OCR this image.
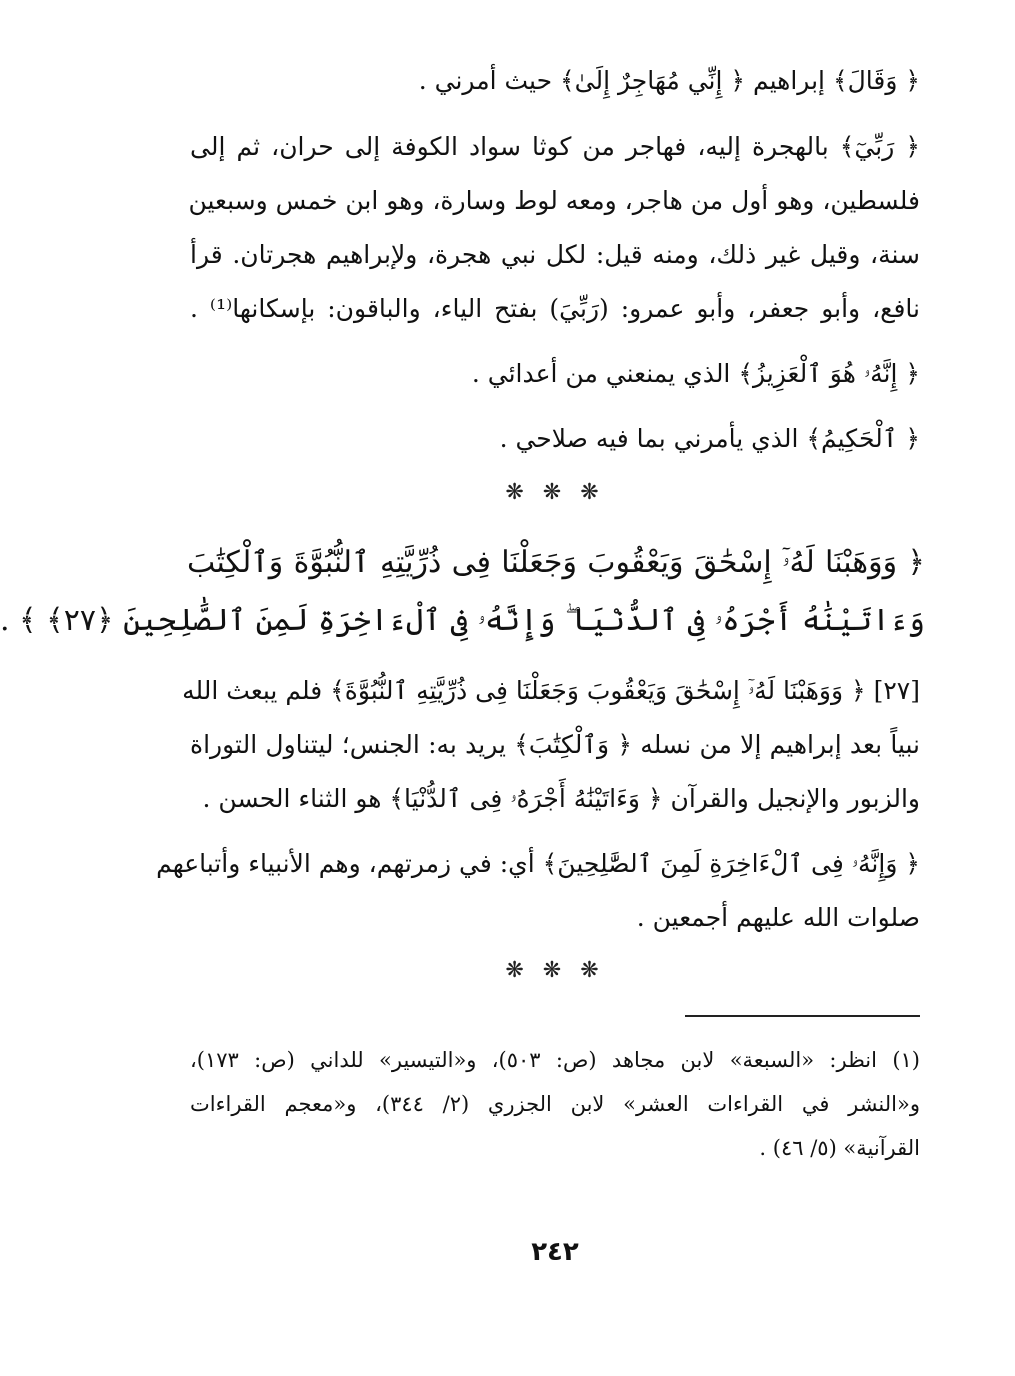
﴿ وَقَالَ﴾ إبراهيم ﴿ إِنِّي مُهَاجِرٌ إِلَىٰ﴾ حيث أمرني .
﴿ رَبِّيٓ﴾ بالهجرة إليه، فهاجر من كوثا سواد الكوفة إلى حران، ثم إلى
فلسطين، وهو أول من هاجر، ومعه لوط وسارة، وهو ابن خمس وسبعين
سنة، وقيل غير ذلك، ومنه قيل: لكل نبي هجرة، ولإبراهيم هجرتان. قرأ
نافع، وأبو جعفر، وأبو عمرو: (رَبِّيَ) بفتح الياء، والباقون: بإسكانها⁽¹⁾ .
﴿ إِنَّهُۥ هُوَ ٱلْعَزِيزُ﴾ الذي يمنعني من أعدائي .
﴿ ٱلْحَكِيمُ﴾ الذي يأمرني بما فيه صلاحي .
❋ ❋ ❋
﴿ وَوَهَبْنَا لَهُۥٓ إِسْحَٰقَ وَيَعْقُوبَ وَجَعَلْنَا فِى ذُرِّيَّتِهِ ٱلنُّبُوَّةَ وَٱلْكِتَٰبَ
وَءَاتَيْنَٰهُ أَجْرَهُۥ فِى ٱلدُّنْيَا ۖ وَإِنَّهُۥ فِى ٱلْءَاخِرَةِ لَمِنَ ٱلصَّٰلِحِينَ ﴿٢٧﴾ ﴾ .
[٢٧] ﴿ وَوَهَبْنَا لَهُۥٓ إِسْحَٰقَ وَيَعْقُوبَ وَجَعَلْنَا فِى ذُرِّيَّتِهِ ٱلنُّبُوَّةَ﴾ فلم يبعث الله
نبياً بعد إبراهيم إلا من نسله ﴿ وَٱلْكِتَٰبَ﴾ يريد به: الجنس؛ ليتناول التوراة
والزبور والإنجيل والقرآن ﴿ وَءَاتَيْنَٰهُ أَجْرَهُۥ فِى ٱلدُّنْيَا﴾ هو الثناء الحسن .
﴿ وَإِنَّهُۥ فِى ٱلْءَاخِرَةِ لَمِنَ ٱلصَّٰلِحِينَ﴾ أي: في زمرتهم، وهم الأنبياء وأتباعهم
صلوات الله عليهم أجمعين .
❋ ❋ ❋
(١) انظر: «السبعة» لابن مجاهد (ص: ٥٠٣)، و«التيسير» للداني (ص: ١٧٣)،
و«النشر في القراءات العشر» لابن الجزري (٢/ ٣٤٤)، و«معجم القراءات
القرآنية» (٥/ ٤٦) .
٢٤٢
